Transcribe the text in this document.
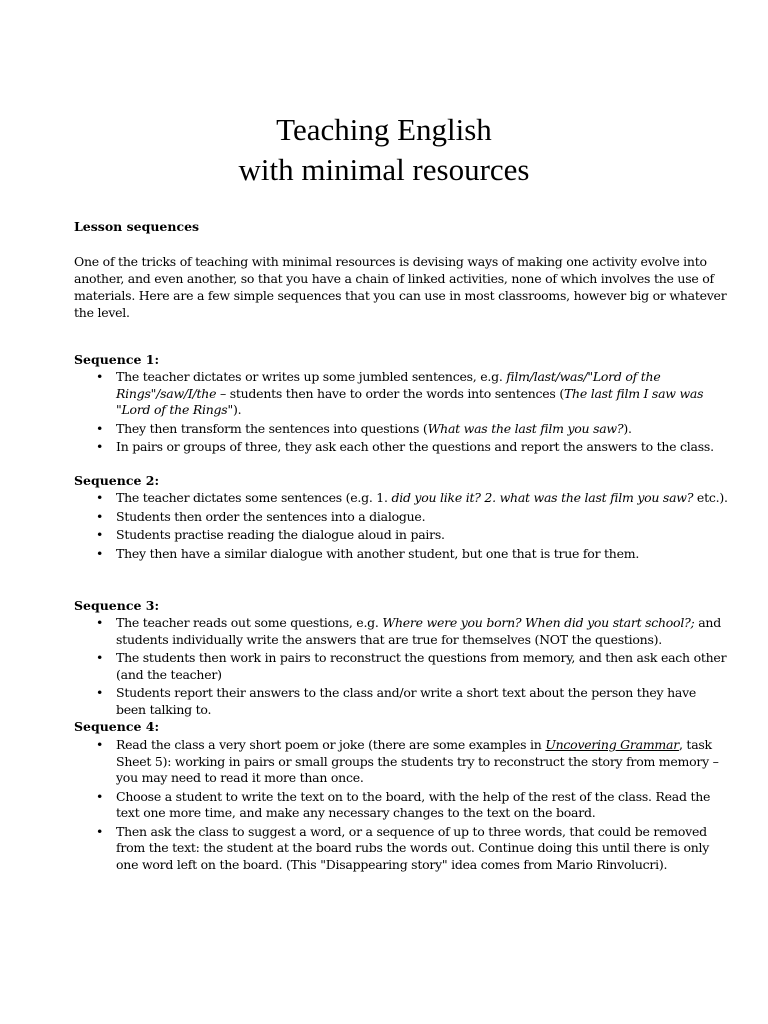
Teaching English
with minimal resources
Lesson sequences

One of the tricks of teaching with minimal resources is devising ways of making one activity evolve into another, and even another, so that you have a chain of linked activities, none of which involves the use of materials. Here are a few simple sequences that you can use in most classrooms, however big or whatever the level.

Sequence 1:
• The teacher dictates or writes up some jumbled sentences, e.g. film/last/was/"Lord of the Rings"/saw/I/the – students then have to order the words into sentences (The last film I saw was "Lord of the Rings").
• They then transform the sentences into questions (What was the last film you saw?).
• In pairs or groups of three, they ask each other the questions and report the answers to the class.
Sequence 2:
• The teacher dictates some sentences (e.g. 1. did you like it? 2. what was the last film you saw? etc.).
• Students then order the sentences into a dialogue.
• Students practise reading the dialogue aloud in pairs.
• They then have a similar dialogue with another student, but one that is true for them.
Sequence 3:
• The teacher reads out some questions, e.g. Where were you born? When did you start school?; and students individually write the answers that are true for themselves (NOT the questions).
• The students then work in pairs to reconstruct the questions from memory, and then ask each other (and the teacher)
• Students report their answers to the class and/or write a short text about the person they have been talking to.
Sequence 4:
• Read the class a very short poem or joke (there are some examples in Uncovering Grammar, task Sheet 5): working in pairs or small groups the students try to reconstruct the story from memory – you may need to read it more than once.
• Choose a student to write the text on to the board, with the help of the rest of the class. Read the text one more time, and make any necessary changes to the text on the board.
• Then ask the class to suggest a word, or a sequence of up to three words, that could be removed from the text: the student at the board rubs the words out. Continue doing this until there is only one word left on the board. (This "Disappearing story" idea comes from Mario Rinvolucri).
